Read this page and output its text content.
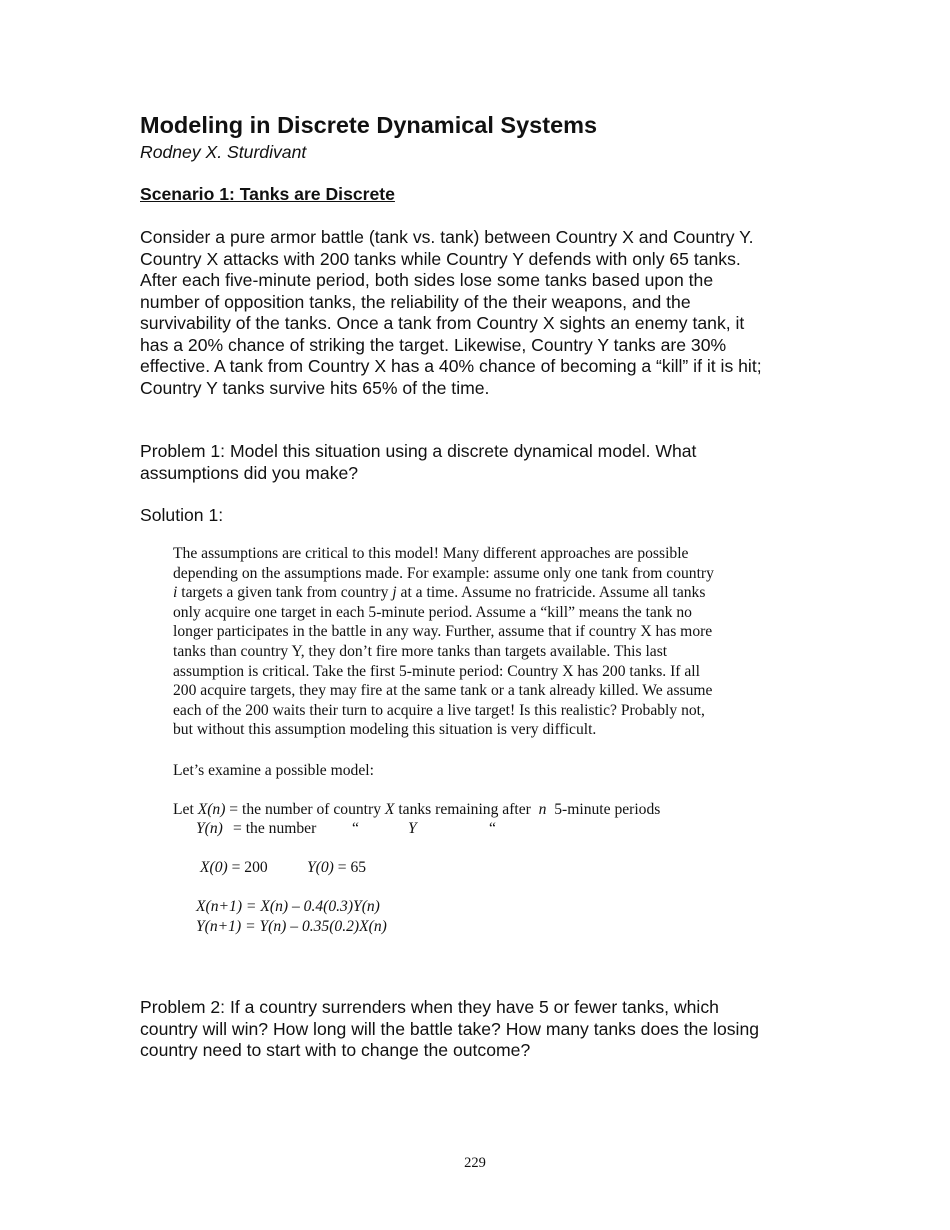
Modeling in Discrete Dynamical Systems
Rodney X. Sturdivant
Scenario 1: Tanks are Discrete
Consider a pure armor battle (tank vs. tank) between Country X and Country Y.
Country X attacks with 200 tanks while Country Y defends with only 65 tanks.
After each five-minute period, both sides lose some tanks based upon the
number of opposition tanks, the reliability of the their weapons, and the
survivability of the tanks. Once a tank from Country X sights an enemy tank, it
has a 20% chance of striking the target. Likewise, Country Y tanks are 30%
effective. A tank from Country X has a 40% chance of becoming a “kill” if it is hit;
Country Y tanks survive hits 65% of the time.
Problem 1: Model this situation using a discrete dynamical model. What
assumptions did you make?
Solution 1:
The assumptions are critical to this model! Many different approaches are possible
depending on the assumptions made. For example: assume only one tank from country
i targets a given tank from country j at a time. Assume no fratricide. Assume all tanks
only acquire one target in each 5-minute period. Assume a “kill” means the tank no
longer participates in the battle in any way. Further, assume that if country X has more
tanks than country Y, they don’t fire more tanks than targets available. This last
assumption is critical. Take the first 5-minute period: Country X has 200 tanks. If all
200 acquire targets, they may fire at the same tank or a tank already killed. We assume
each of the 200 waits their turn to acquire a live target! Is this realistic? Probably not,
but without this assumption modeling this situation is very difficult.
Let’s examine a possible model:
Let X(n) = the number of country X tanks remaining after  n  5-minute periods
Y(n) = the number “	Y	“
X(0) = 200	Y(0) = 65
X(n+1) = X(n) – 0.4(0.3)Y(n)
Y(n+1) = Y(n) – 0.35(0.2)X(n)
Problem 2: If a country surrenders when they have 5 or fewer tanks, which
country will win? How long will the battle take? How many tanks does the losing
country need to start with to change the outcome?
229
